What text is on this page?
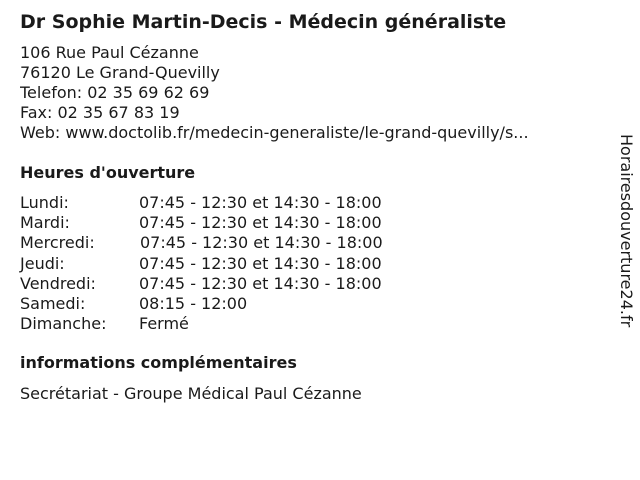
Dr Sophie Martin-Decis - Médecin généraliste
106 Rue Paul Cézanne
76120 Le Grand-Quevilly
Telefon: 02 35 69 62 69
Fax: 02 35 67 83 19
Web: www.doctolib.fr/medecin-generaliste/le-grand-quevilly/s...
Heures d'ouverture
Lundi:	07:45 - 12:30 et 14:30 - 18:00
Mardi:	07:45 - 12:30 et 14:30 - 18:00
Mercredi:	07:45 - 12:30 et 14:30 - 18:00
Jeudi:	07:45 - 12:30 et 14:30 - 18:00
Vendredi:	07:45 - 12:30 et 14:30 - 18:00
Samedi:	08:15 - 12:00
Dimanche: Fermé
informations complémentaires
Secrétariat - Groupe Médical Paul Cézanne
Horairesdouverture24.fr
